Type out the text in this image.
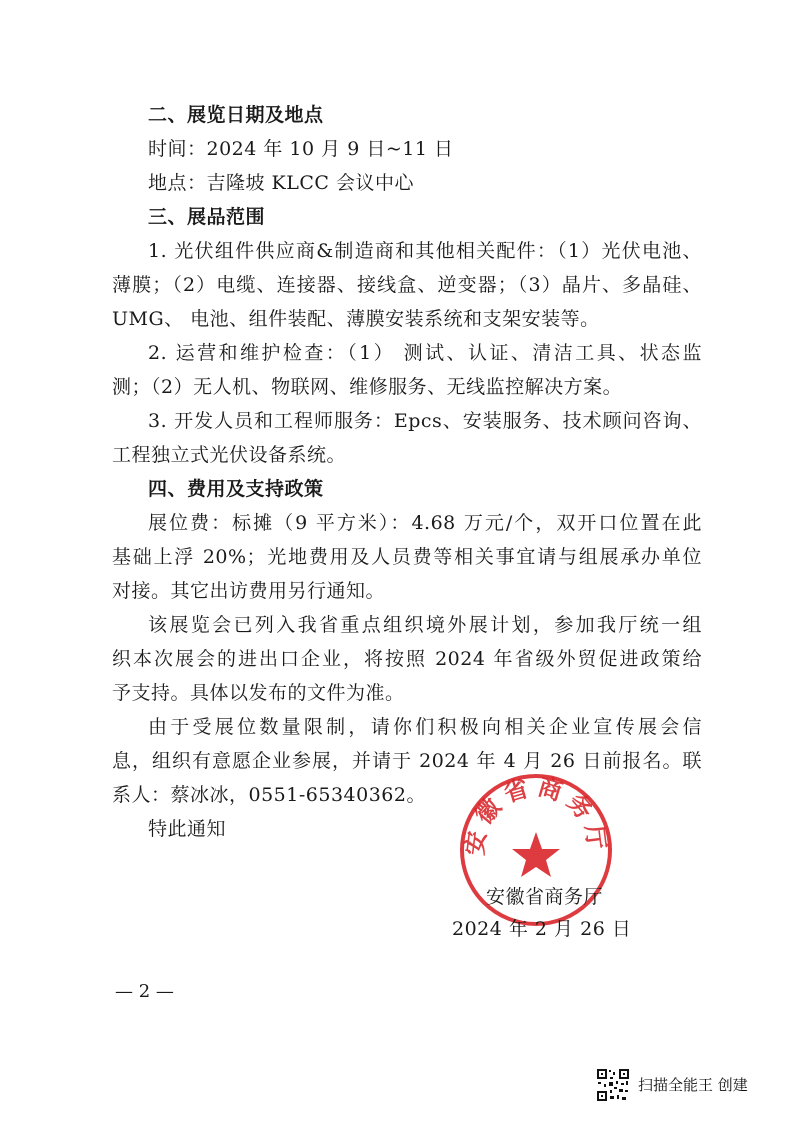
二、展览日期及地点
时间：2024 年 10 月 9 日~11 日
地点：吉隆坡 KLCC 会议中心
三、展品范围
1. 光伏组件供应商&制造商和其他相关配件：（1）光伏电池、
薄膜；（2）电缆、连接器、接线盒、逆变器；（3）晶片、多晶硅、
UMG、 电池、组件装配、薄膜安装系统和支架安装等。
2. 运营和维护检查：（1） 测试、认证、清洁工具、状态监
测；（2）无人机、物联网、维修服务、无线监控解决方案。
3. 开发人员和工程师服务：Epcs、安装服务、技术顾问咨询、
工程独立式光伏设备系统。
四、费用及支持政策
展位费：标摊（9 平方米）：4.68 万元/个，双开口位置在此
基础上浮 20%；光地费用及人员费等相关事宜请与组展承办单位
对接。其它出访费用另行通知。
该展览会已列入我省重点组织境外展计划，参加我厅统一组
织本次展会的进出口企业，将按照 2024 年省级外贸促进政策给
予支持。具体以发布的文件为准。
由于受展位数量限制，请你们积极向相关企业宣传展会信
息，组织有意愿企业参展，并请于 2024 年 4 月 26 日前报名。联
系人：蔡冰冰，0551-65340362。
特此通知	安徽省商务厅
安徽省商务厅
2024 年 2 月 26 日
— 2 —
扫描全能王 创建
